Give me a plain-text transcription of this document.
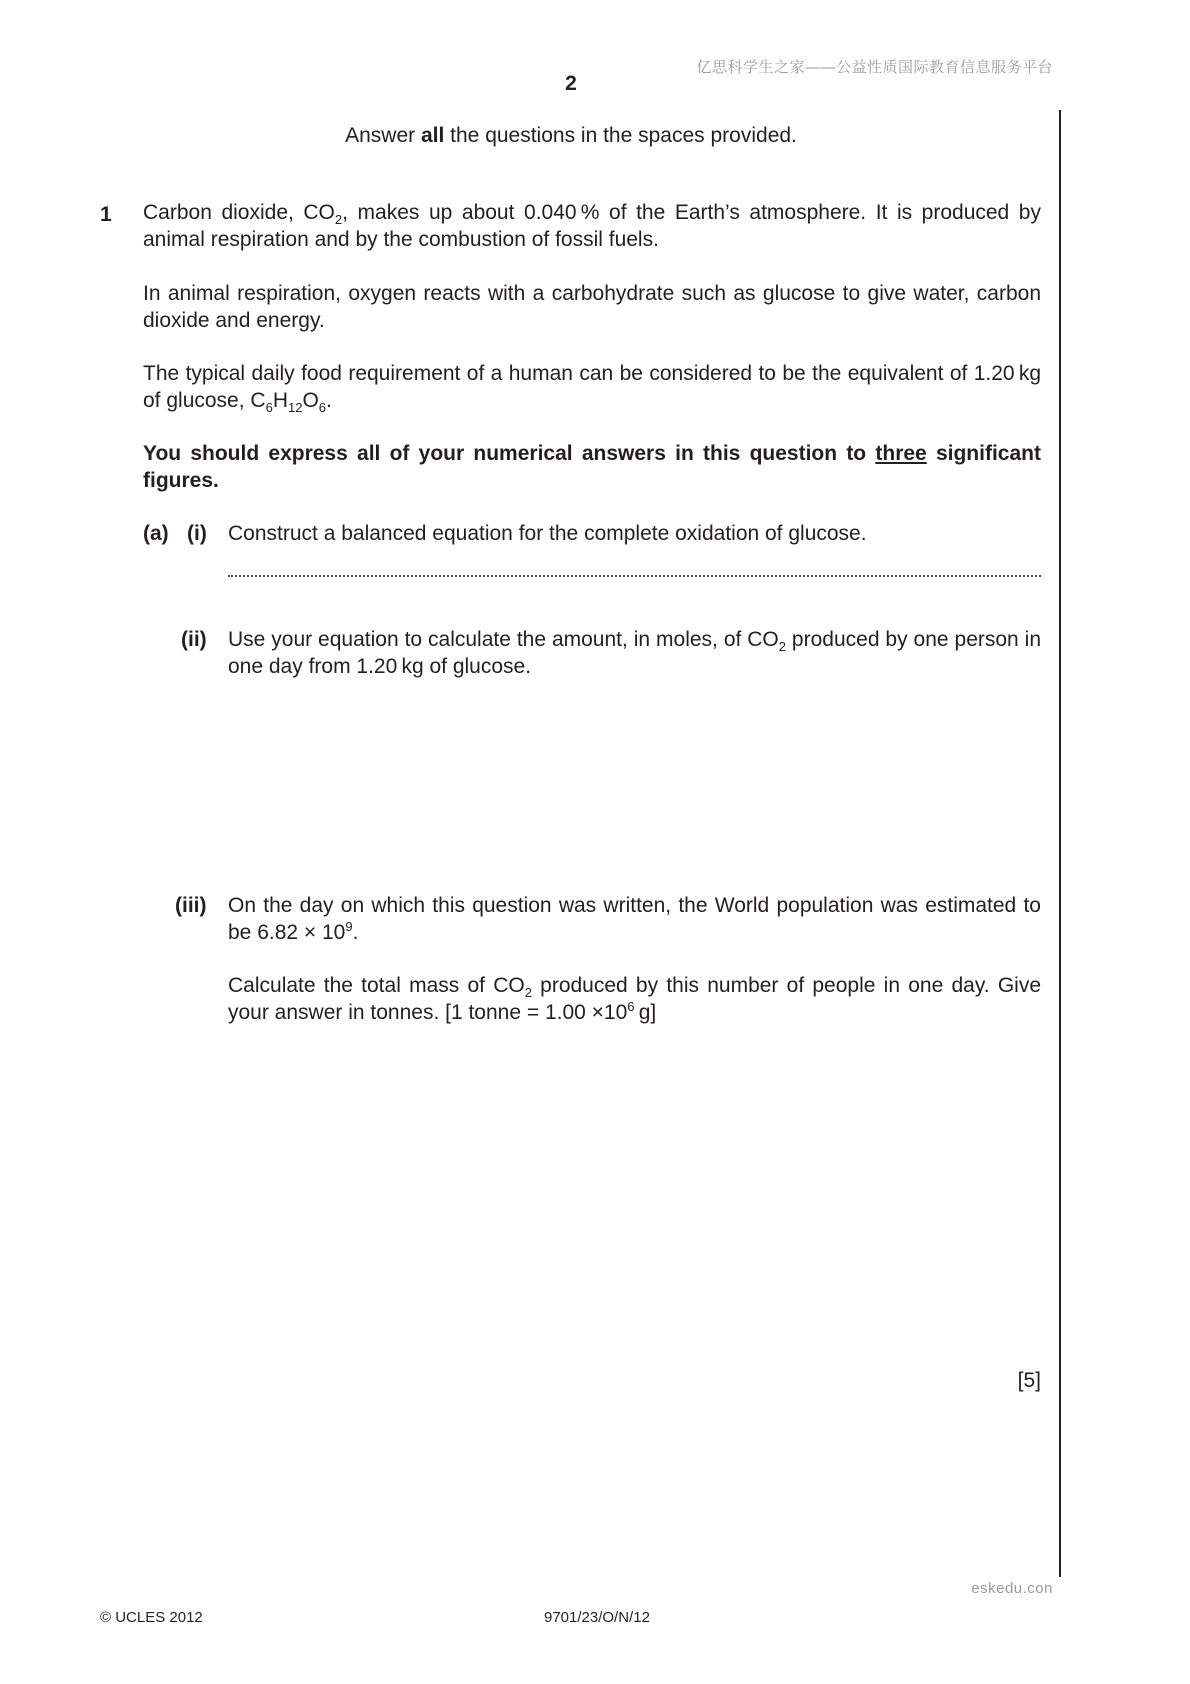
亿思科学生之家——公益性质国际教育信息服务平台
2
Answer all the questions in the spaces provided.
1 Carbon dioxide, $CO_2$, makes up about 0.040 % of the Earth’s atmosphere. It is produced by animal respiration and by the combustion of fossil fuels.
In animal respiration, oxygen reacts with a carbohydrate such as glucose to give water, carbon dioxide and energy.
The typical daily food requirement of a human can be considered to be the equivalent of 1.20 kg of glucose, $C_6H_{12}O_6$.
You should express all of your numerical answers in this question to three significant figures.
(a) (i) Construct a balanced equation for the complete oxidation of glucose.
(ii) Use your equation to calculate the amount, in moles, of $CO_2$ produced by one person in one day from 1.20 kg of glucose.
(iii) On the day on which this question was written, the World population was estimated to be $6.82 \times 10^9$.
Calculate the total mass of $CO_2$ produced by this number of people in one day. Give your answer in tonnes. [1 tonne = $1.00 \times 10^6$ g]
[5]
eskedu.con
© UCLES 2012	9701/23/O/N/12
